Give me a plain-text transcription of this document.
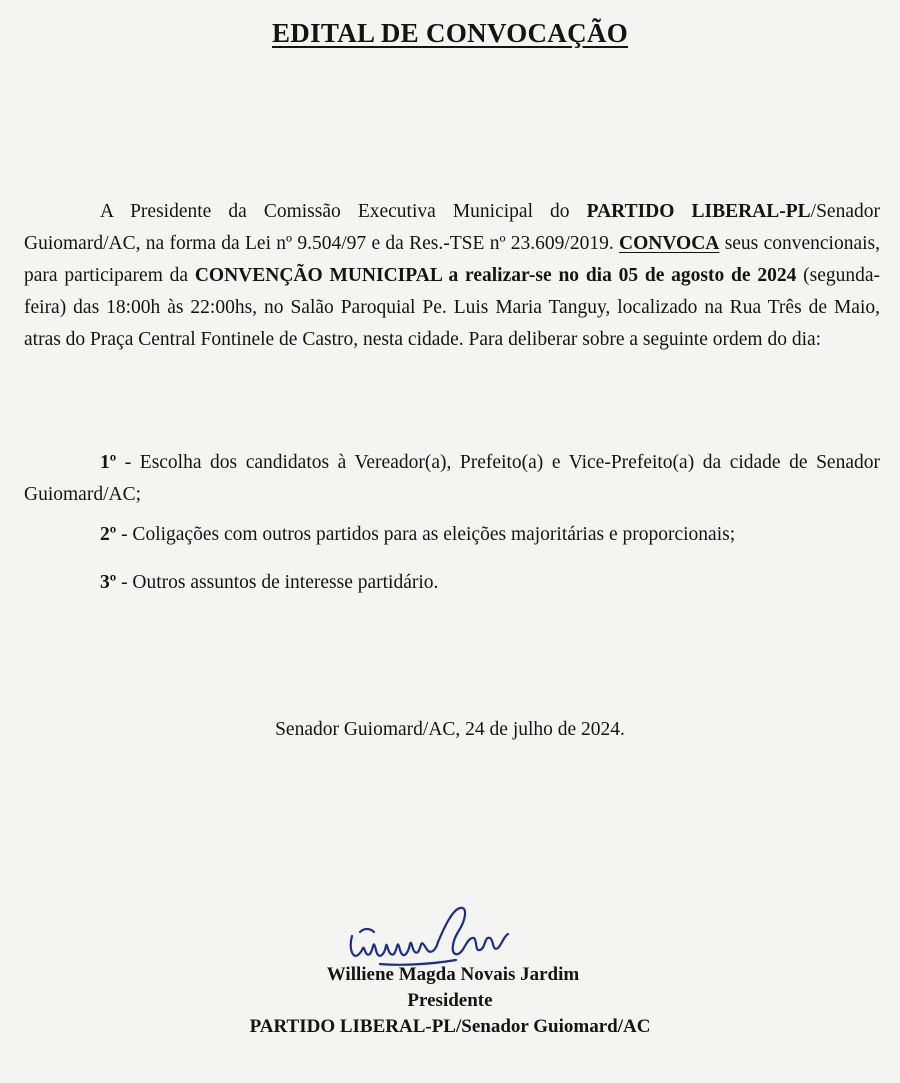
EDITAL DE CONVOCAÇÃO
A Presidente da Comissão Executiva Municipal do PARTIDO LIBERAL-PL/Senador Guiomard/AC, na forma da Lei nº 9.504/97 e da Res.-TSE nº 23.609/2019. CONVOCA seus convencionais, para participarem da CONVENÇÃO MUNICIPAL a realizar-se no dia 05 de agosto de 2024 (segunda-feira) das 18:00h às 22:00hs, no Salão Paroquial Pe. Luis Maria Tanguy, localizado na Rua Três de Maio, atras do Praça Central Fontinele de Castro, nesta cidade. Para deliberar sobre a seguinte ordem do dia:
1º - Escolha dos candidatos à Vereador(a), Prefeito(a) e Vice-Prefeito(a) da cidade de Senador Guiomard/AC;
2º - Coligações com outros partidos para as eleições majoritárias e proporcionais;
3º - Outros assuntos de interesse partidário.
Senador Guiomard/AC, 24 de julho de 2024.
Williene Magda Novais Jardim
Presidente
PARTIDO LIBERAL-PL/Senador Guiomard/AC
